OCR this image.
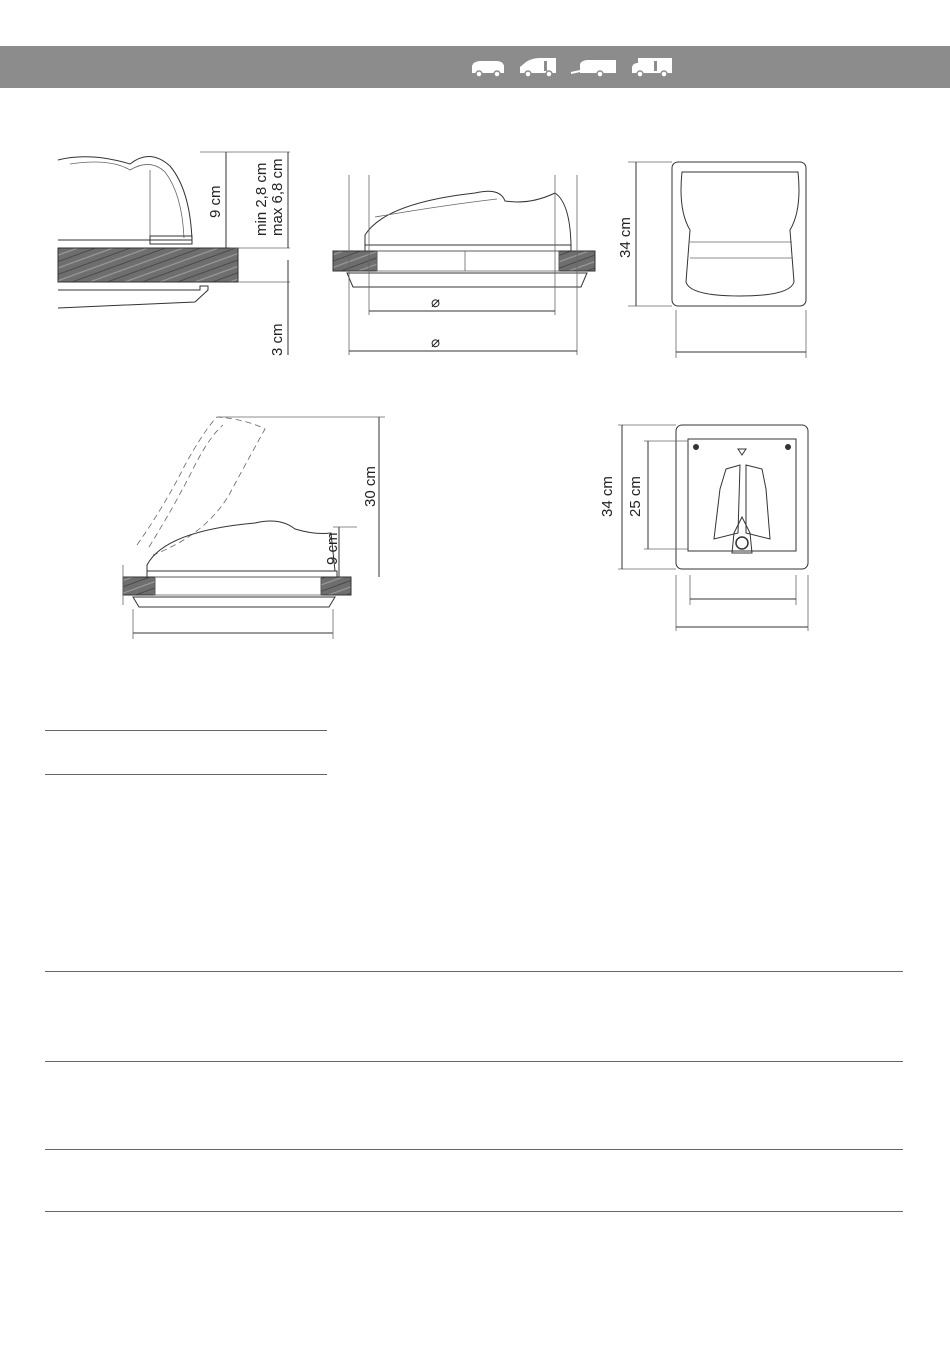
9 cm min 2,8 cm max 6,8 cm
3 cm
⌀
⌀
34 cm
30 cm
9 cm
34 cm 25 cm
